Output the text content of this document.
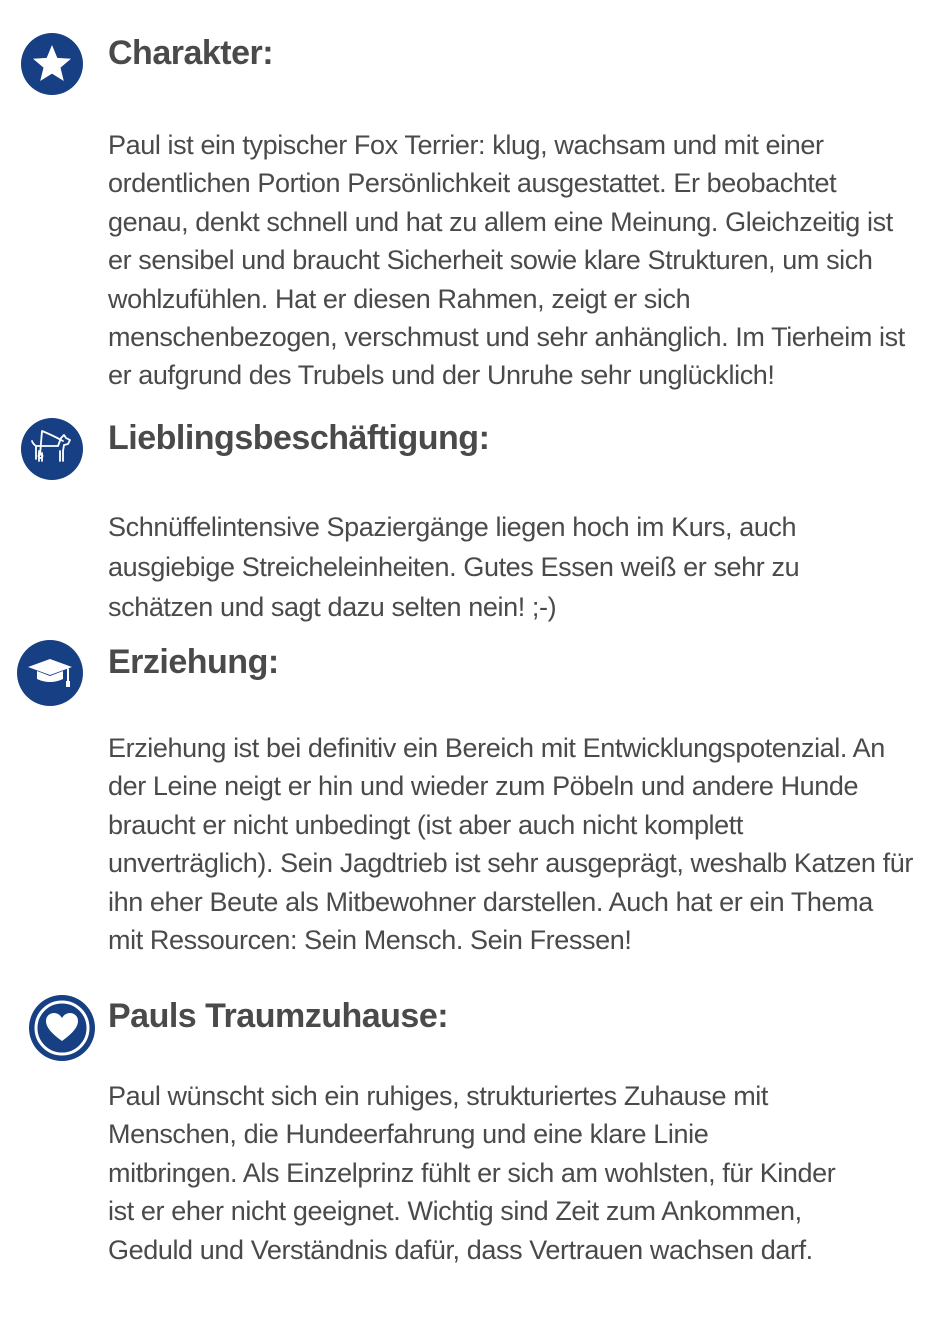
Charakter:

Paul ist ein typischer Fox Terrier: klug, wachsam und mit einer
ordentlichen Portion Persönlichkeit ausgestattet. Er beobachtet
genau, denkt schnell und hat zu allem eine Meinung. Gleichzeitig ist
er sensibel und braucht Sicherheit sowie klare Strukturen, um sich
wohlzufühlen. Hat er diesen Rahmen, zeigt er sich
menschenbezogen, verschmust und sehr anhänglich. Im Tierheim ist
er aufgrund des Trubels und der Unruhe sehr unglücklich!

Lieblingsbeschäftigung:

Schnüffelintensive Spaziergänge liegen hoch im Kurs, auch
ausgiebige Streicheleinheiten. Gutes Essen weiß er sehr zu
schätzen und sagt dazu selten nein! ;-)

Erziehung:

Erziehung ist bei definitiv ein Bereich mit Entwicklungspotenzial. An
der Leine neigt er hin und wieder zum Pöbeln und andere Hunde
braucht er nicht unbedingt (ist aber auch nicht komplett
unverträglich). Sein Jagdtrieb ist sehr ausgeprägt, weshalb Katzen für
ihn eher Beute als Mitbewohner darstellen. Auch hat er ein Thema
mit Ressourcen: Sein Mensch. Sein Fressen!

Pauls Traumzuhause:

Paul wünscht sich ein ruhiges, strukturiertes Zuhause mit
Menschen, die Hundeerfahrung und eine klare Linie
mitbringen. Als Einzelprinz fühlt er sich am wohlsten, für Kinder
ist er eher nicht geeignet. Wichtig sind Zeit zum Ankommen,
Geduld und Verständnis dafür, dass Vertrauen wachsen darf.
